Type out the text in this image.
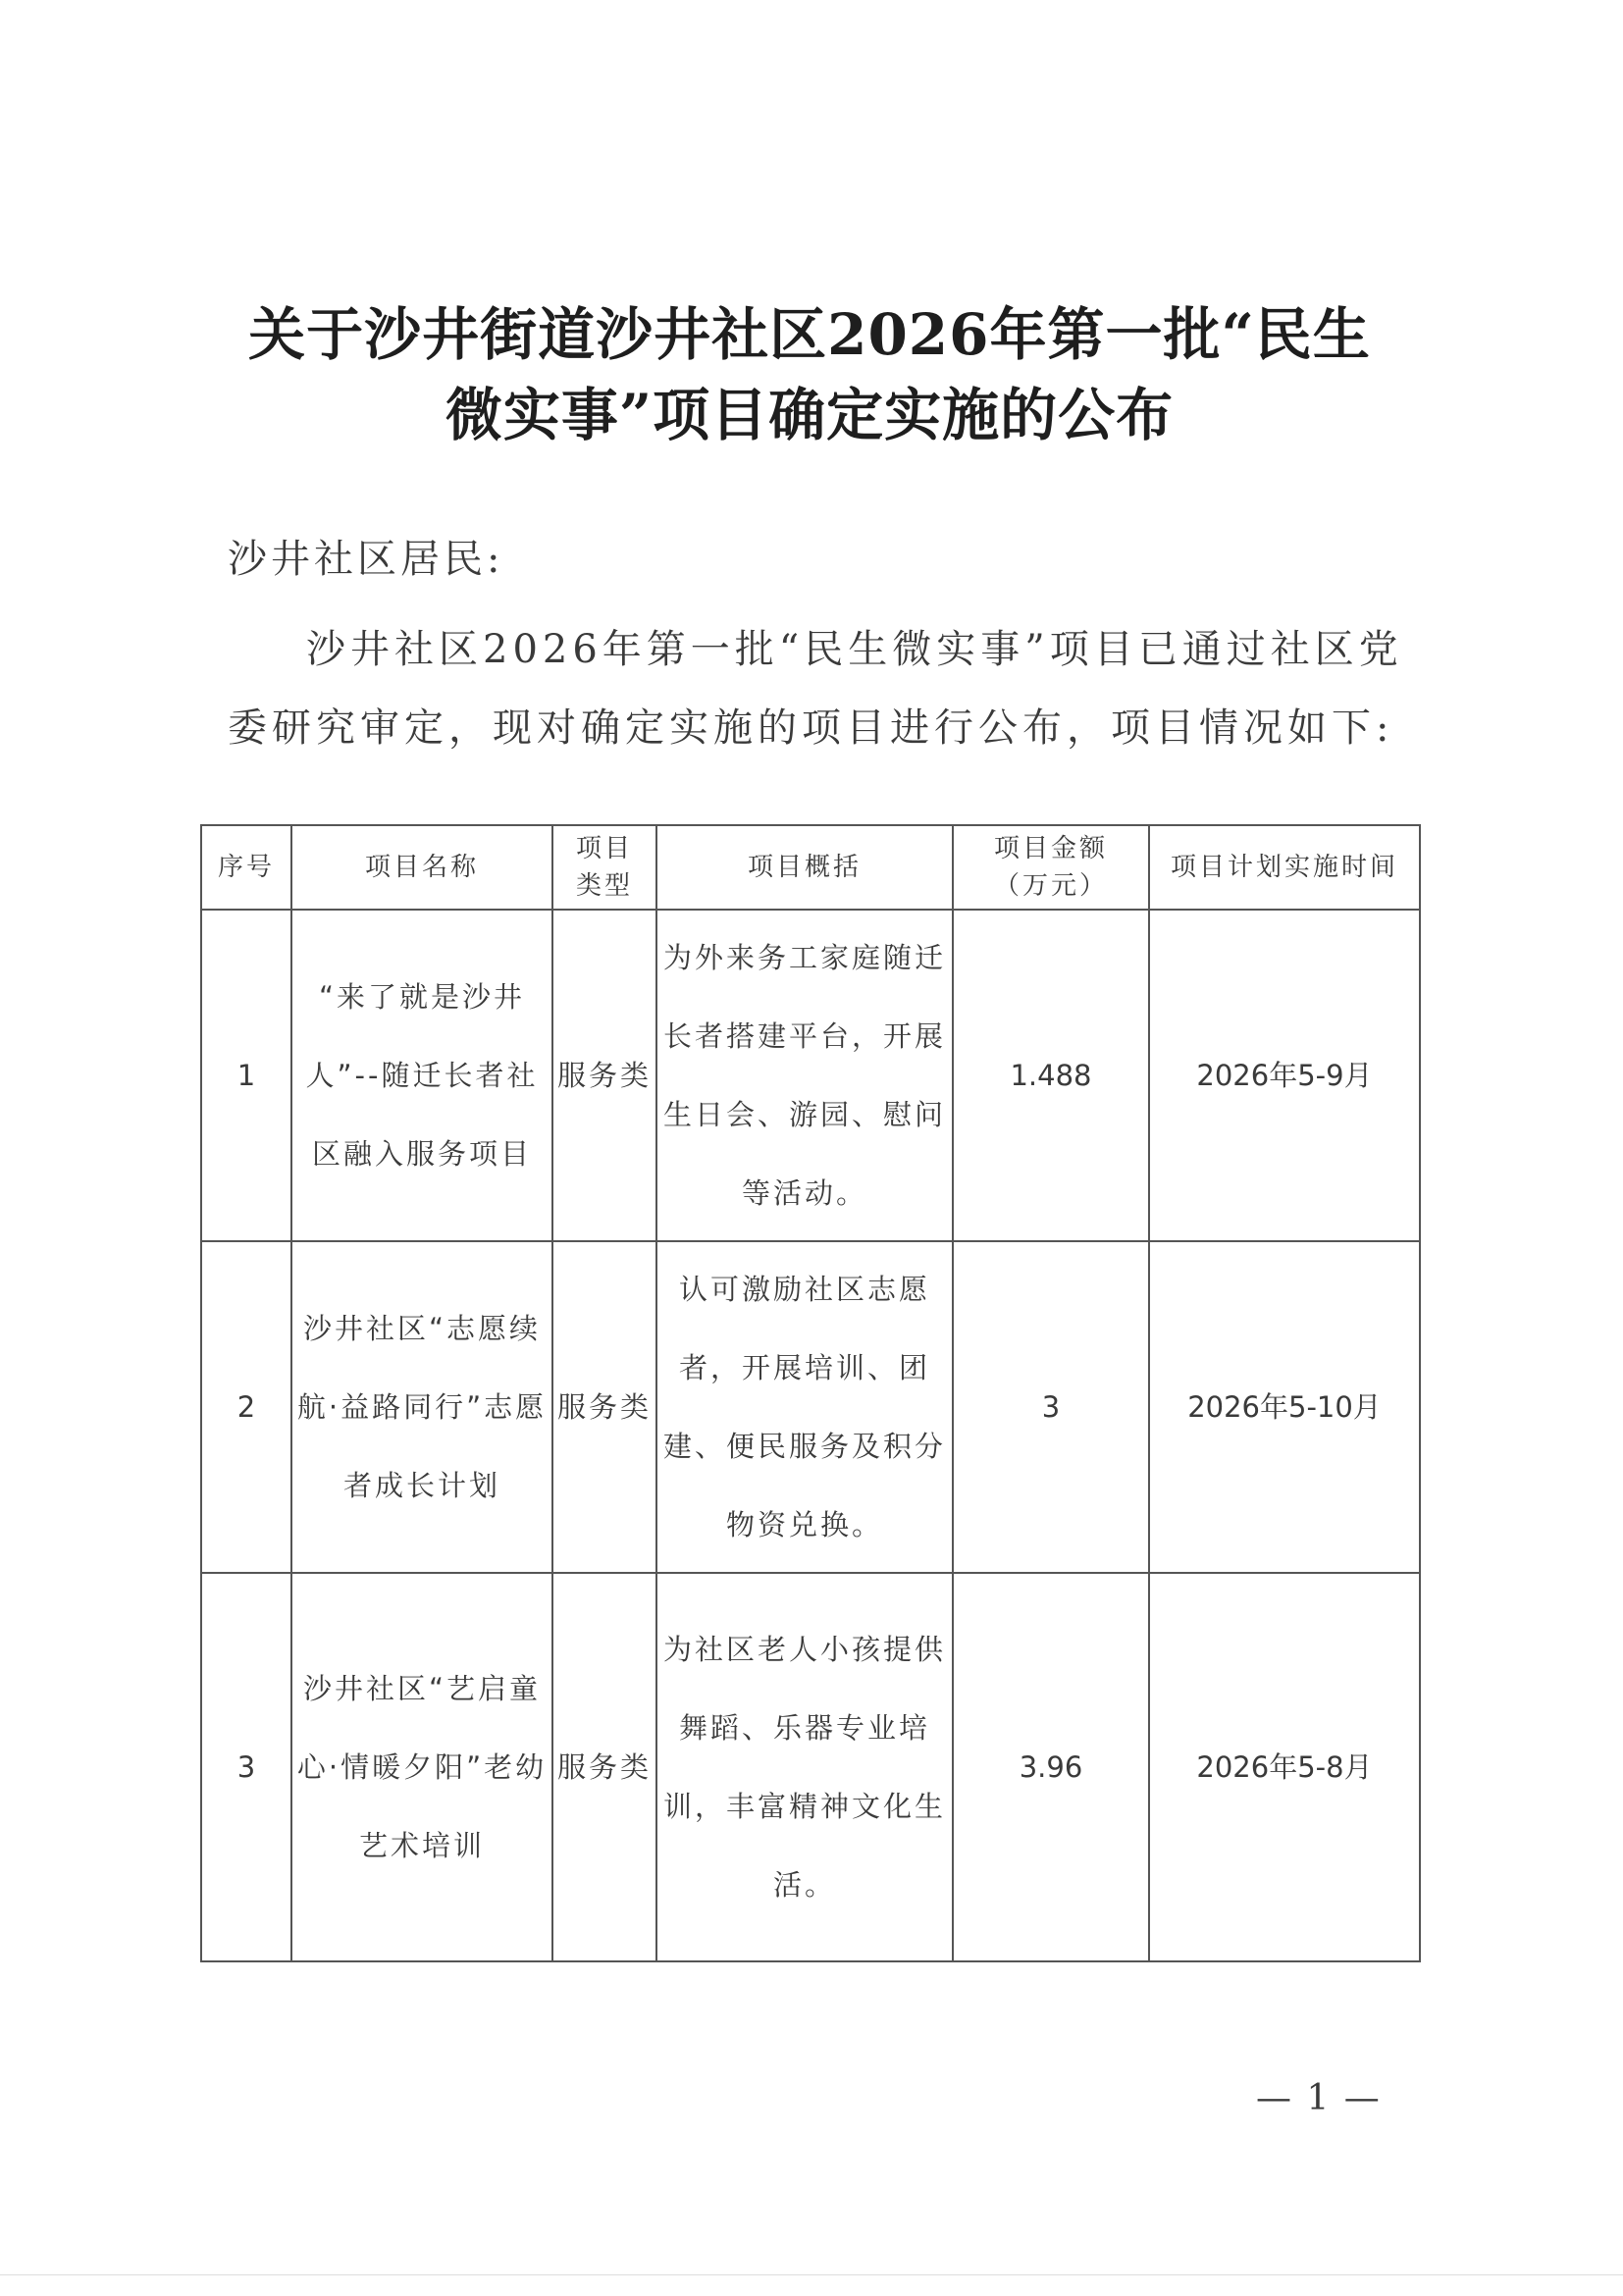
关于沙井街道沙井社区2026年第一批“民生
微实事”项目确定实施的公布
沙井社区居民:
沙井社区2026年第一批“民生微实事”项目已通过社区党
委研究审定，现对确定实施的项目进行公布，项目情况如下:
序号	项目名称	项目类型	项目概括	项目金额（万元）	项目计划实施时间
1	“来了就是沙井人”--随迁长者社区融入服务项目	服务类	为外来务工家庭随迁长者搭建平台，开展生日会、游园、慰问等活动。	1.488	2026年5-9月
2	沙井社区“志愿续航·益路同行”志愿者成长计划	服务类	认可激励社区志愿者，开展培训、团建、便民服务及积分物资兑换。	3	2026年5-10月
3	沙井社区“艺启童心·情暖夕阳”老幼艺术培训	服务类	为社区老人小孩提供舞蹈、乐器专业培训，丰富精神文化生活。	3.96	2026年5-8月
— 1 —
